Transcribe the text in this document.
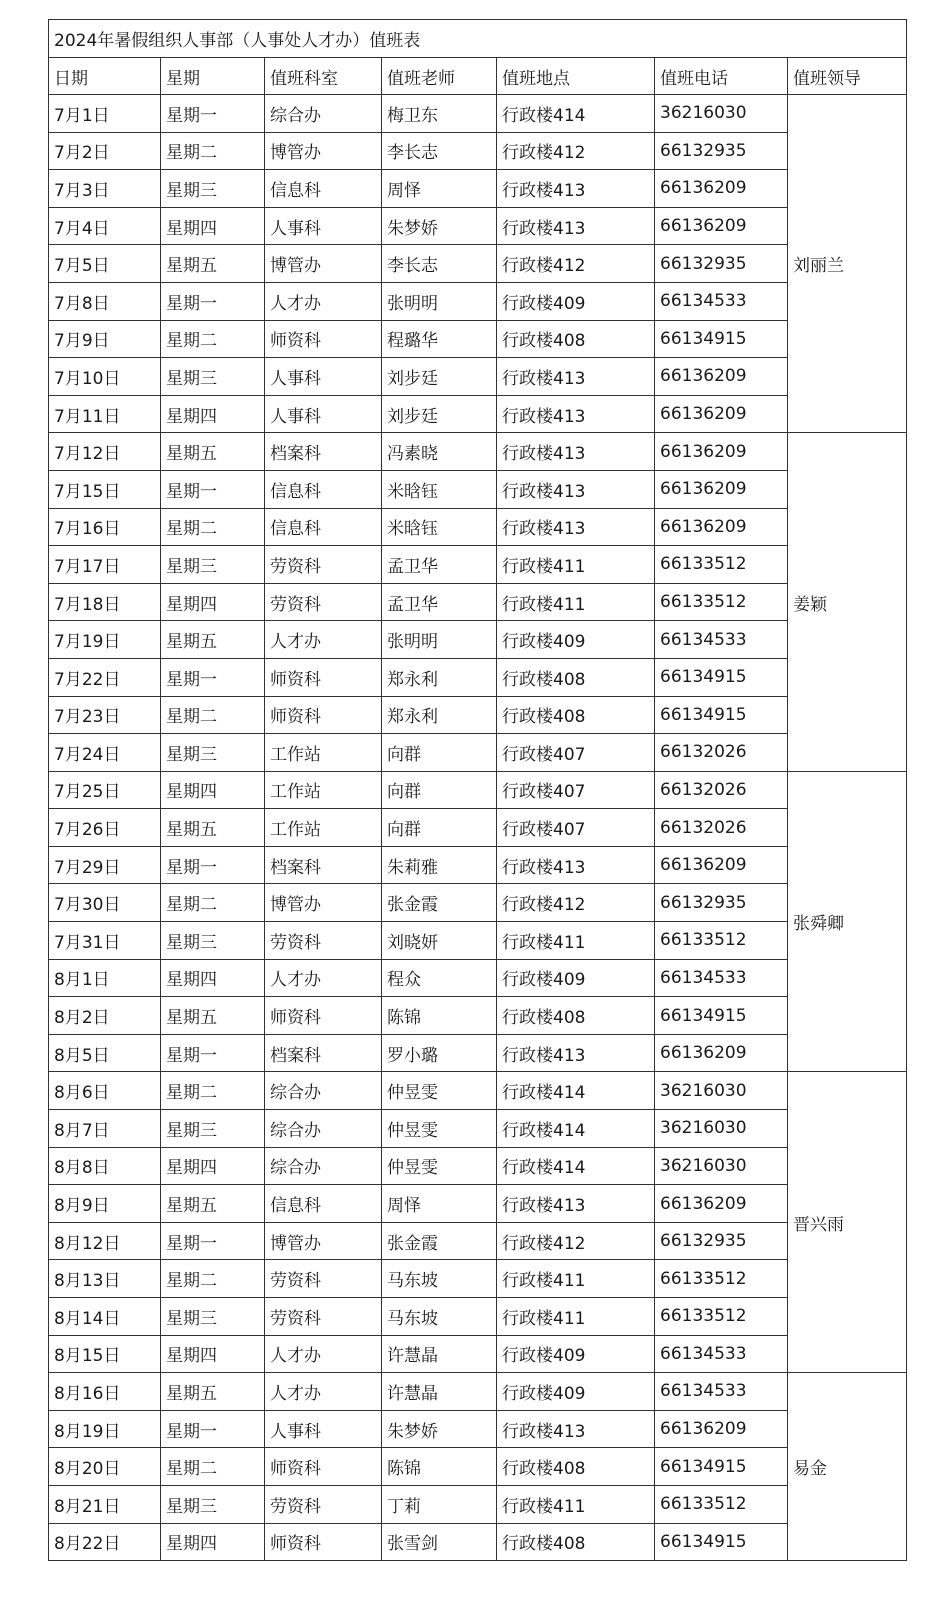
2024年暑假组织人事部（人事处人才办）值班表						
日期	星期	值班科室	值班老师	值班地点	值班电话	值班领导
7月1日	星期一	综合办	梅卫东	行政楼414	36216030	刘丽兰
7月2日	星期二	博管办	李长志	行政楼412	66132935	
7月3日	星期三	信息科	周怿	行政楼413	66136209	
7月4日	星期四	人事科	朱梦娇	行政楼413	66136209	
7月5日	星期五	博管办	李长志	行政楼412	66132935	
7月8日	星期一	人才办	张明明	行政楼409	66134533	
7月9日	星期二	师资科	程璐华	行政楼408	66134915	
7月10日	星期三	人事科	刘步廷	行政楼413	66136209	
7月11日	星期四	人事科	刘步廷	行政楼413	66136209	
7月12日	星期五	档案科	冯素晓	行政楼413	66136209	姜颖
7月15日	星期一	信息科	米晗钰	行政楼413	66136209	
7月16日	星期二	信息科	米晗钰	行政楼413	66136209	
7月17日	星期三	劳资科	孟卫华	行政楼411	66133512	
7月18日	星期四	劳资科	孟卫华	行政楼411	66133512	
7月19日	星期五	人才办	张明明	行政楼409	66134533	
7月22日	星期一	师资科	郑永利	行政楼408	66134915	
7月23日	星期二	师资科	郑永利	行政楼408	66134915	
7月24日	星期三	工作站	向群	行政楼407	66132026	
7月25日	星期四	工作站	向群	行政楼407	66132026	张舜卿
7月26日	星期五	工作站	向群	行政楼407	66132026	
7月29日	星期一	档案科	朱莉雅	行政楼413	66136209	
7月30日	星期二	博管办	张金霞	行政楼412	66132935	
7月31日	星期三	劳资科	刘晓妍	行政楼411	66133512	
8月1日	星期四	人才办	程众	行政楼409	66134533	
8月2日	星期五	师资科	陈锦	行政楼408	66134915	
8月5日	星期一	档案科	罗小璐	行政楼413	66136209	
8月6日	星期二	综合办	仲昱雯	行政楼414	36216030	晋兴雨
8月7日	星期三	综合办	仲昱雯	行政楼414	36216030	
8月8日	星期四	综合办	仲昱雯	行政楼414	36216030	
8月9日	星期五	信息科	周怿	行政楼413	66136209	
8月12日	星期一	博管办	张金霞	行政楼412	66132935	
8月13日	星期二	劳资科	马东坡	行政楼411	66133512	
8月14日	星期三	劳资科	马东坡	行政楼411	66133512	
8月15日	星期四	人才办	许慧晶	行政楼409	66134533	
8月16日	星期五	人才办	许慧晶	行政楼409	66134533	易金
8月19日	星期一	人事科	朱梦娇	行政楼413	66136209	
8月20日	星期二	师资科	陈锦	行政楼408	66134915	
8月21日	星期三	劳资科	丁莉	行政楼411	66133512	
8月22日	星期四	师资科	张雪剑	行政楼408	66134915	
